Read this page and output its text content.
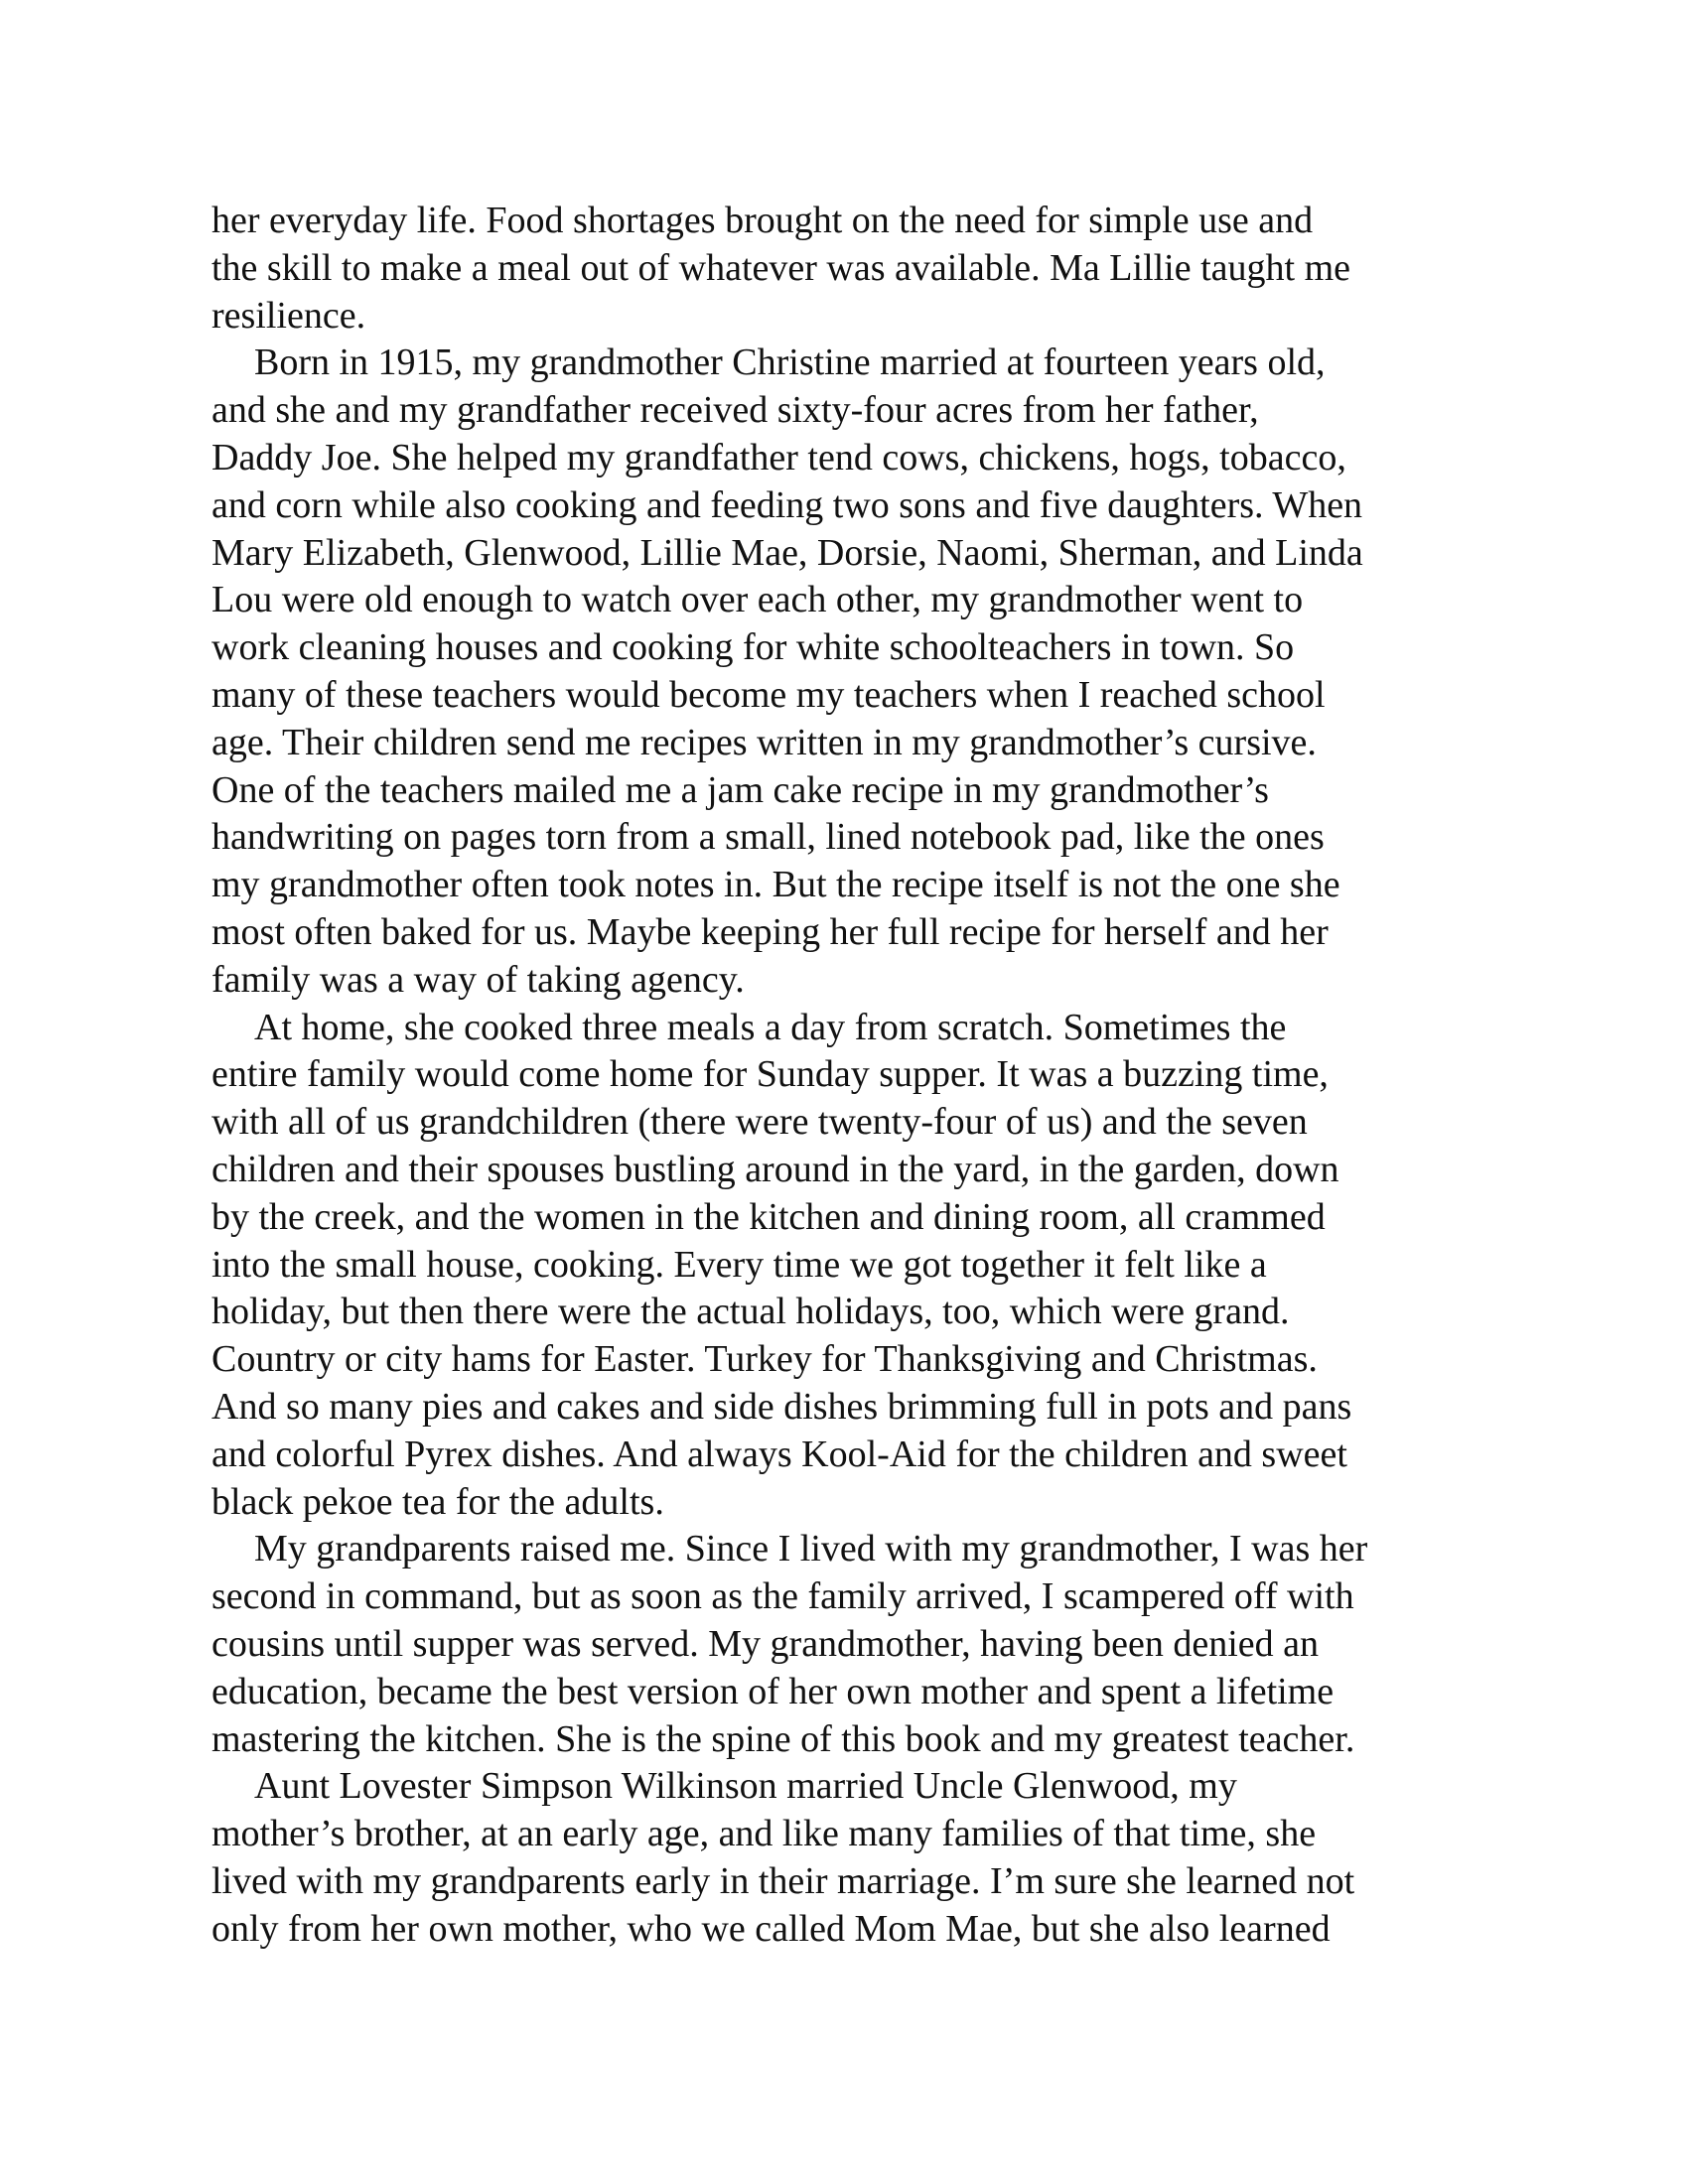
her everyday life. Food shortages brought on the need for simple use and
the skill to make a meal out of whatever was available. Ma Lillie taught me
resilience.

Born in 1915, my grandmother Christine married at fourteen years old,
and she and my grandfather received sixty-four acres from her father,
Daddy Joe. She helped my grandfather tend cows, chickens, hogs, tobacco,
and corn while also cooking and feeding two sons and five daughters. When
Mary Elizabeth, Glenwood, Lillie Mae, Dorsie, Naomi, Sherman, and Linda
Lou were old enough to watch over each other, my grandmother went to
work cleaning houses and cooking for white schoolteachers in town. So
many of these teachers would become my teachers when I reached school
age. Their children send me recipes written in my grandmother’s cursive.
One of the teachers mailed me a jam cake recipe in my grandmother’s
handwriting on pages torn from a small, lined notebook pad, like the ones
my grandmother often took notes in. But the recipe itself is not the one she
most often baked for us. Maybe keeping her full recipe for herself and her
family was a way of taking agency.

At home, she cooked three meals a day from scratch. Sometimes the
entire family would come home for Sunday supper. It was a buzzing time,
with all of us grandchildren (there were twenty-four of us) and the seven
children and their spouses bustling around in the yard, in the garden, down
by the creek, and the women in the kitchen and dining room, all crammed
into the small house, cooking. Every time we got together it felt like a
holiday, but then there were the actual holidays, too, which were grand.
Country or city hams for Easter. Turkey for Thanksgiving and Christmas.
And so many pies and cakes and side dishes brimming full in pots and pans
and colorful Pyrex dishes. And always Kool-Aid for the children and sweet
black pekoe tea for the adults.

My grandparents raised me. Since I lived with my grandmother, I was her
second in command, but as soon as the family arrived, I scampered off with
cousins until supper was served. My grandmother, having been denied an
education, became the best version of her own mother and spent a lifetime
mastering the kitchen. She is the spine of this book and my greatest teacher.

Aunt Lovester Simpson Wilkinson married Uncle Glenwood, my
mother’s brother, at an early age, and like many families of that time, she
lived with my grandparents early in their marriage. I’m sure she learned not
only from her own mother, who we called Mom Mae, but she also learned
